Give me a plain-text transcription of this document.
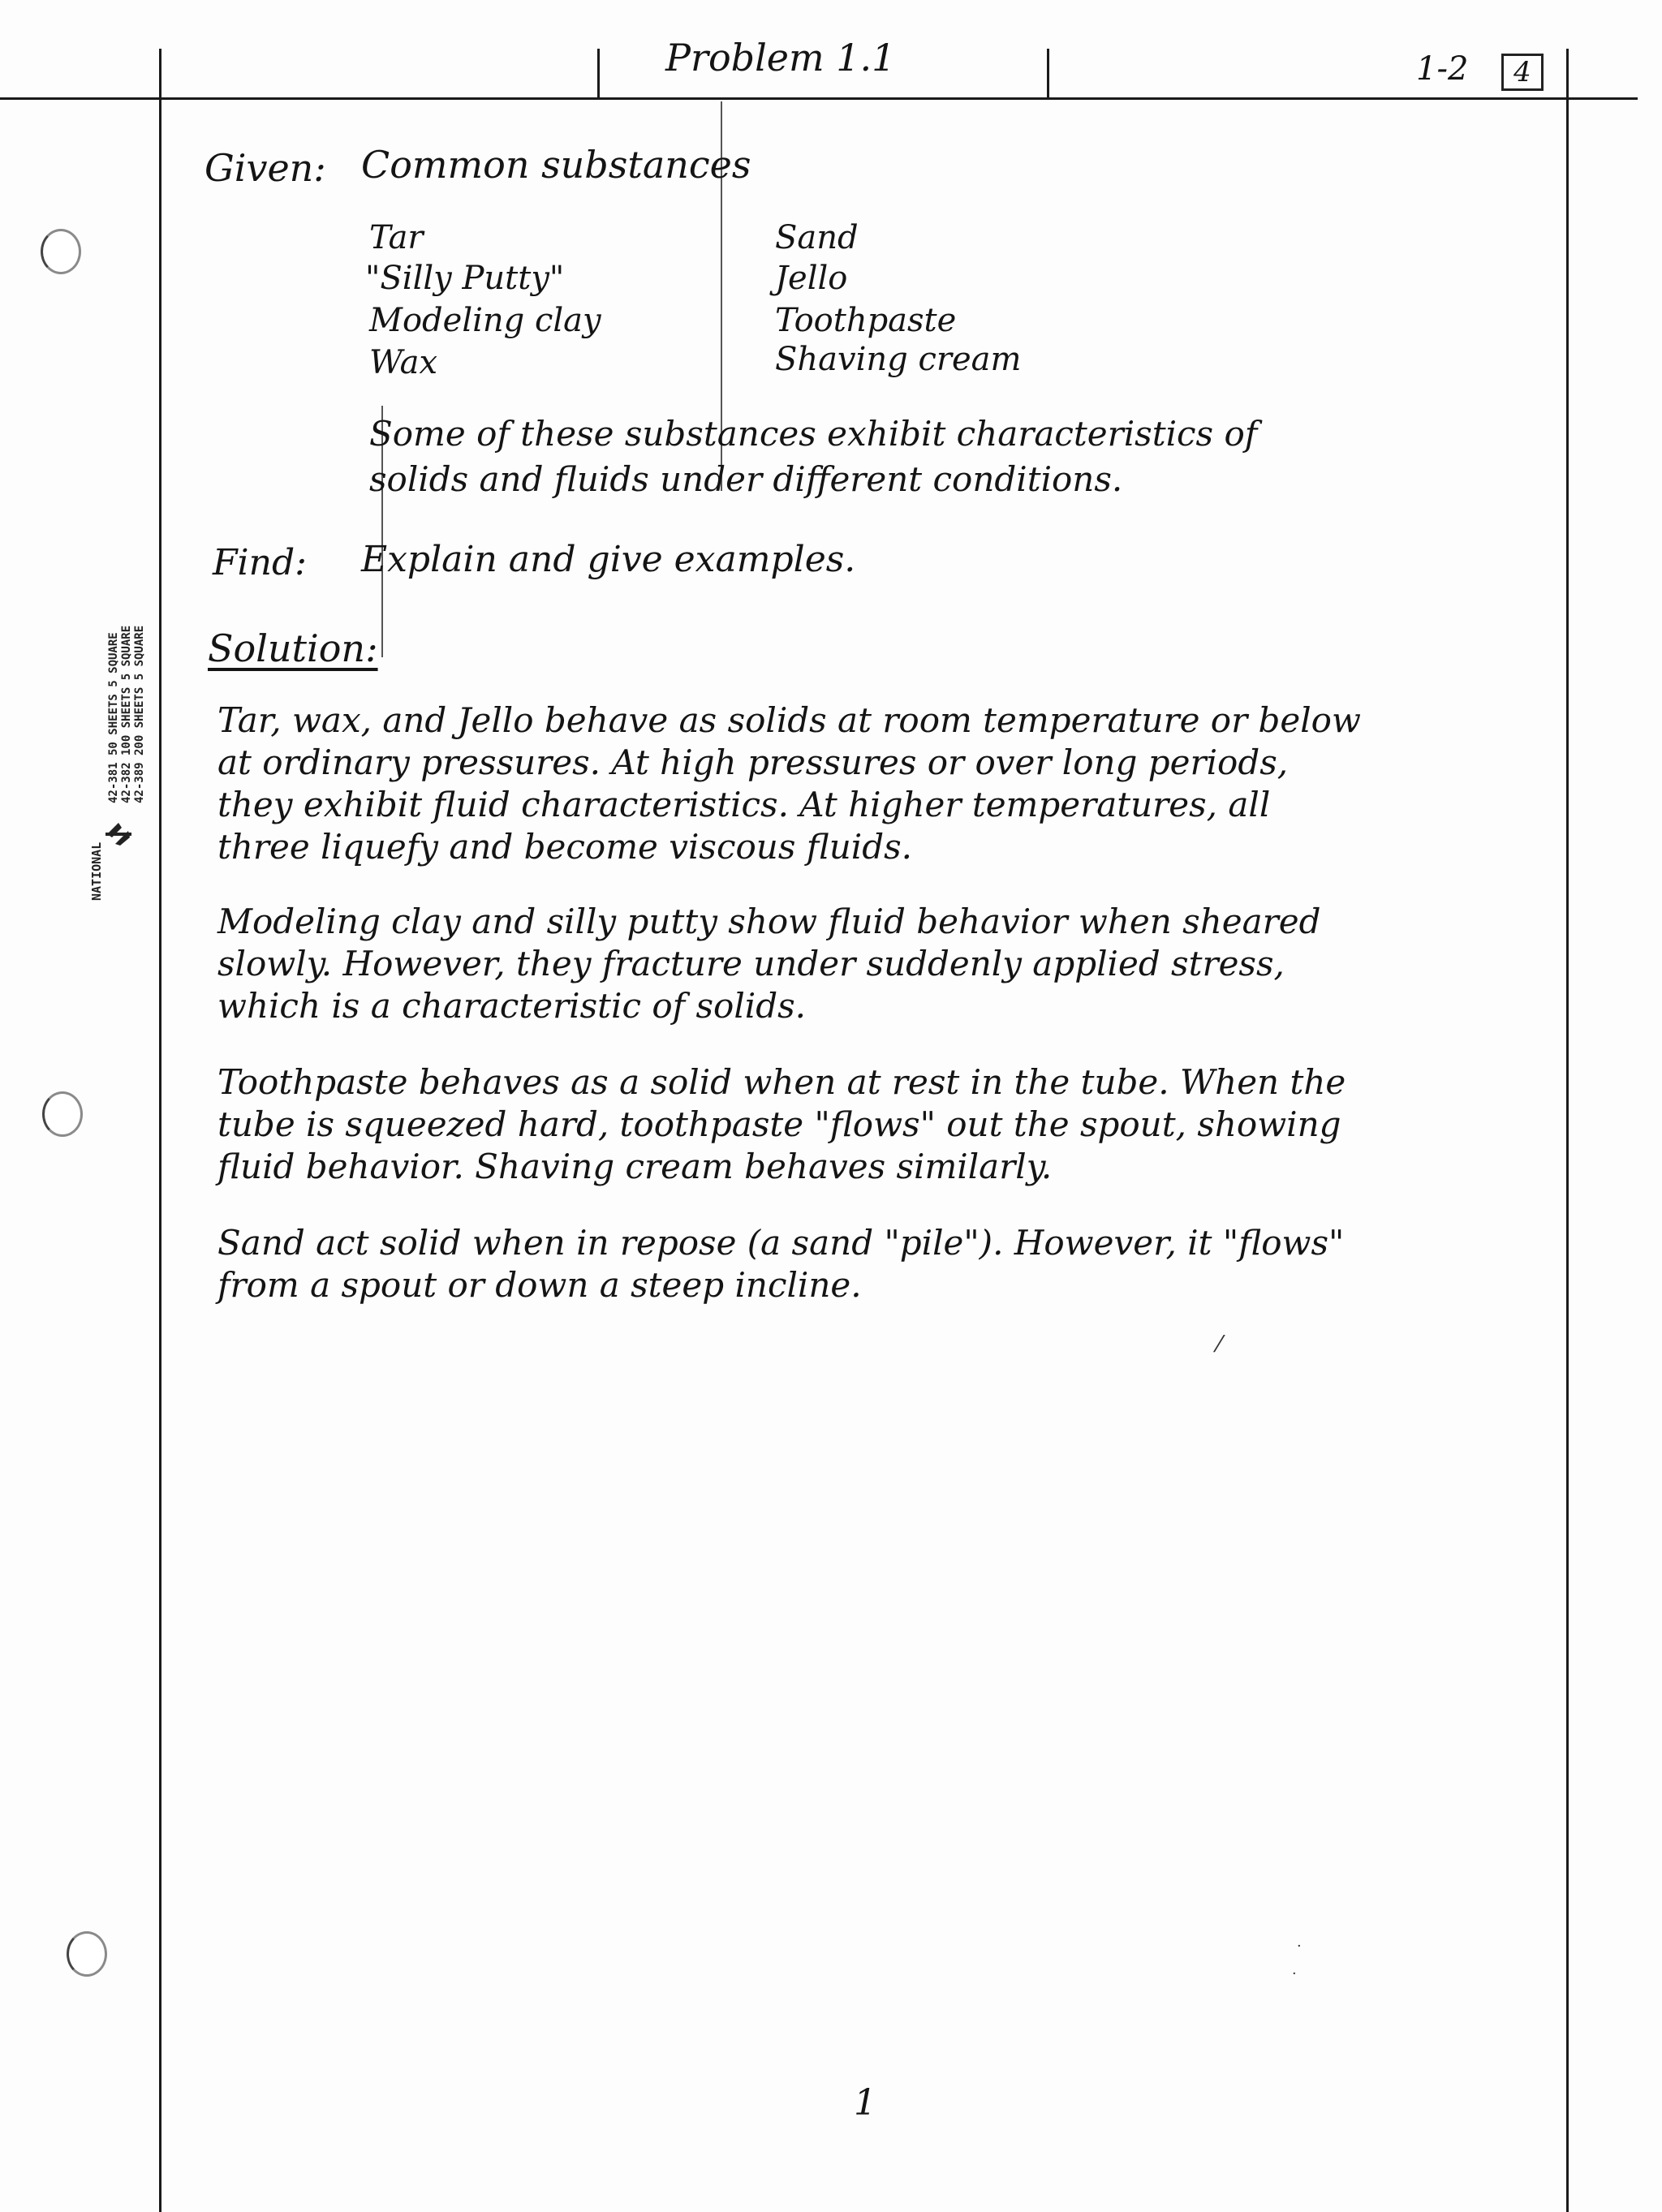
Problem 1.1	1-2	4
NATIONAL
42-381 50 SHEETS 5 SQUARE 42-382 100 SHEETS 5 SQUARE 42-389 200 SHEETS 5 SQUARE
Given: Common substances
Tar
"Silly Putty"
Modeling clay
Wax
Sand
Jello
Toothpaste
Shaving cream
Some of these substances exhibit characteristics of
solids and fluids under different conditions.
Find: Explain and give examples.
Solution:
Tar, wax, and Jello behave as solids at room temperature or below
at ordinary pressures. At high pressures or over long periods,
they exhibit fluid characteristics. At higher temperatures, all
three liquefy and become viscous fluids.
Modeling clay and silly putty show fluid behavior when sheared
slowly. However, they fracture under suddenly applied stress,
which is a characteristic of solids.
Toothpaste behaves as a solid when at rest in the tube. When the
tube is squeezed hard, toothpaste "flows" out the spout, showing
fluid behavior. Shaving cream behaves similarly.
Sand act solid when in repose (a sand "pile"). However, it "flows"
from a spout or down a steep incline.
⁄
·
·
1
